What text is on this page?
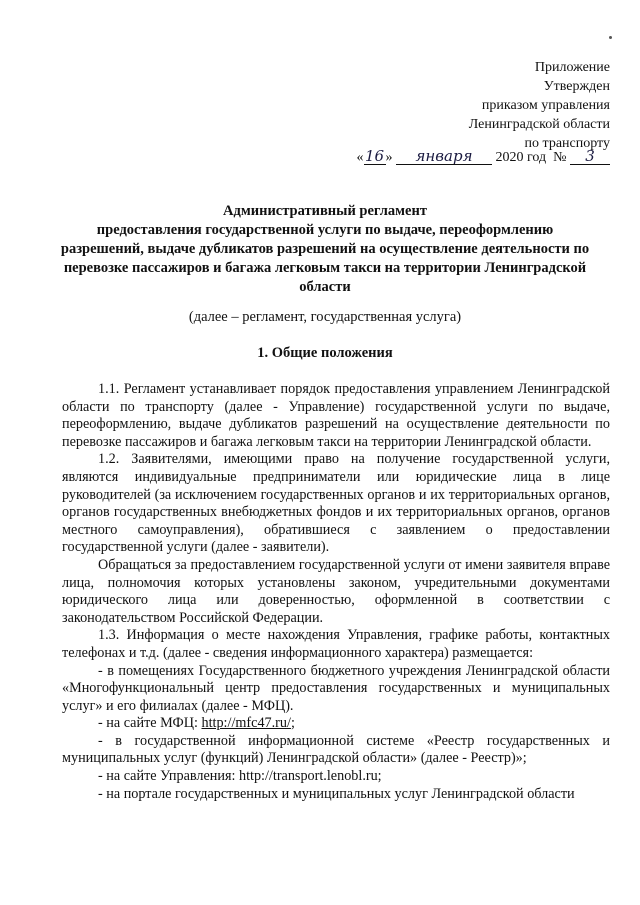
Приложение
Утвержден
приказом управления
Ленинградской области
по транспорту
«16» января 2020 год № 3
Административный регламент
предоставления государственной услуги по выдаче, переоформлению
разрешений, выдаче дубликатов разрешений на осуществление деятельности по
перевозке пассажиров и багажа легковым такси на территории Ленинградской
области
(далее – регламент, государственная услуга)
1. Общие положения

1.1. Регламент устанавливает порядок предоставления управлением Ленинградской области по транспорту (далее - Управление) государственной услуги по выдаче, переоформлению, выдаче дубликатов разрешений на осуществление деятельности по перевозке пассажиров и багажа легковым такси на территории Ленинградской области.

1.2. Заявителями, имеющими право на получение государственной услуги, являются индивидуальные предприниматели или юридические лица в лице руководителей (за исключением государственных органов и их территориальных органов, органов государственных внебюджетных фондов и их территориальных органов, органов местного самоуправления), обратившиеся с заявлением о предоставлении государственной услуги (далее - заявители).

Обращаться за предоставлением государственной услуги от имени заявителя вправе лица, полномочия которых установлены законом, учредительными документами юридического лица или доверенностью, оформленной в соответствии с законодательством Российской Федерации.

1.3. Информация о месте нахождения Управления, графике работы, контактных телефонах и т.д. (далее - сведения информационного характера) размещается:

- в помещениях Государственного бюджетного учреждения Ленинградской области «Многофункциональный центр предоставления государственных и муниципальных услуг» и его филиалах (далее - МФЦ).

- на сайте МФЦ: http://mfc47.ru/;

- в государственной информационной системе «Реестр государственных и муниципальных услуг (функций) Ленинградской области» (далее - Реестр)»;

- на сайте Управления: http://transport.lenobl.ru;

- на портале государственных и муниципальных услуг Ленинградской области
